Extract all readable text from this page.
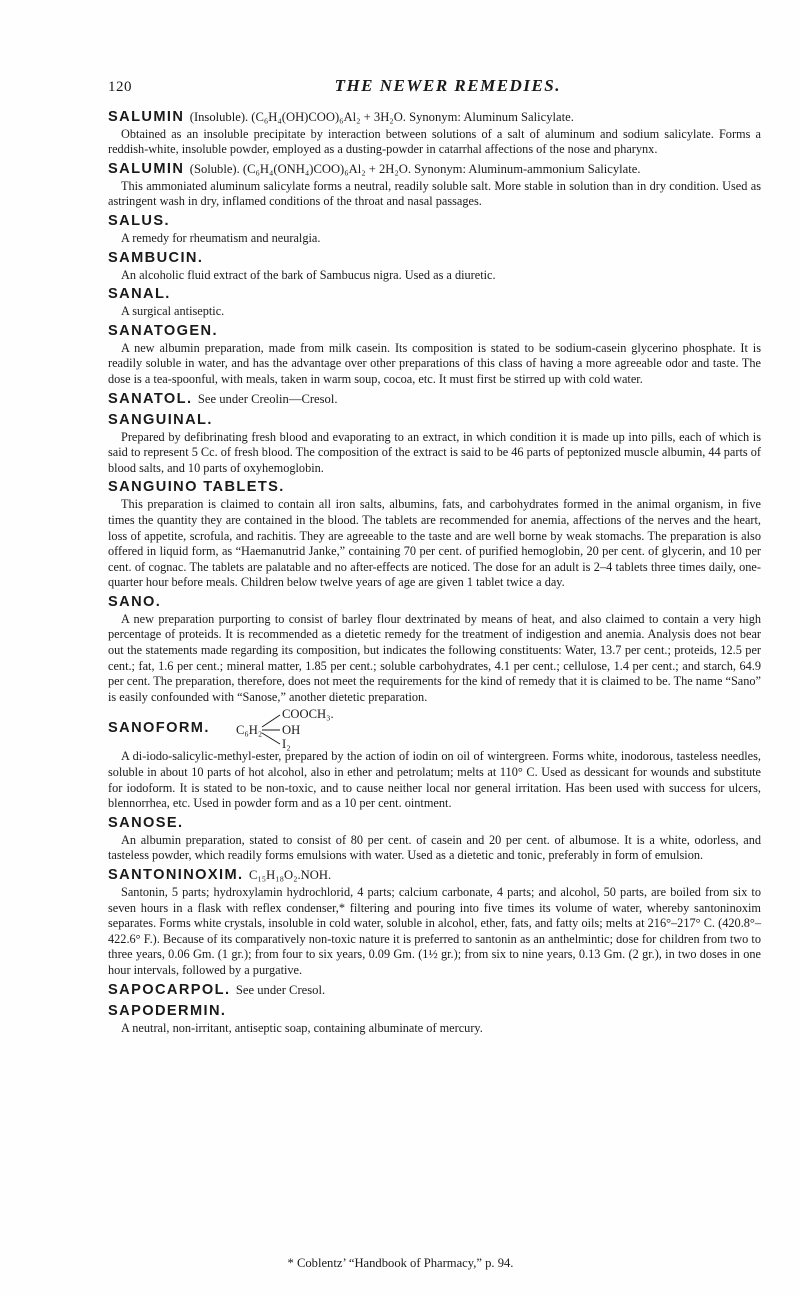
120	THE NEWER REMEDIES.

SALUMIN (Insoluble). (C₆H₄(OH)COO)₆Al₂ + 3H₂O. Synonym: Aluminum Salicylate.

Obtained as an insoluble precipitate by interaction between solutions of a salt of aluminum and sodium salicylate. Forms a reddish-white, insoluble powder, employed as a dusting-powder in catarrhal affections of the nose and pharynx.

SALUMIN (Soluble). (C₆H₄(ONH₄)COO)₆Al₂ + 2H₂O. Synonym: Aluminum-ammonium Salicylate.

This ammoniated aluminum salicylate forms a neutral, readily soluble salt. More stable in solution than in dry condition. Used as astringent wash in dry, inflamed conditions of the throat and nasal passages.

SALUS.

A remedy for rheumatism and neuralgia.

SAMBUCIN.

An alcoholic fluid extract of the bark of Sambucus nigra. Used as a diuretic.

SANAL.

A surgical antiseptic.

SANATOGEN.

A new albumin preparation, made from milk casein. Its composition is stated to be sodium-casein glycerino phosphate. It is readily soluble in water, and has the advantage over other preparations of this class of having a more agreeable odor and taste. The dose is a tea-spoonful, with meals, taken in warm soup, cocoa, etc. It must first be stirred up with cold water.

SANATOL. See under Creolin—Cresol.

SANGUINAL.

Prepared by defibrinating fresh blood and evaporating to an extract, in which condition it is made up into pills, each of which is said to represent 5 Cc. of fresh blood. The composition of the extract is said to be 46 parts of peptonized muscle albumin, 44 parts of blood salts, and 10 parts of oxyhemoglobin.

SANGUINO TABLETS.

This preparation is claimed to contain all iron salts, albumins, fats, and carbohydrates formed in the animal organism, in five times the quantity they are contained in the blood. The tablets are recommended for anemia, affections of the nerves and the heart, loss of appetite, scrofula, and rachitis. They are agreeable to the taste and are well borne by weak stomachs. The preparation is also offered in liquid form, as “Haemanutrid Janke,” containing 70 per cent. of purified hemoglobin, 20 per cent. of glycerin, and 10 per cent. of cognac. The tablets are palatable and no after-effects are noticed. The dose for an adult is 2–4 tablets three times daily, one-quarter hour before meals. Children below twelve years of age are given 1 tablet twice a day.

SANO.

A new preparation purporting to consist of barley flour dextrinated by means of heat, and also claimed to contain a very high percentage of proteids. It is recommended as a dietetic remedy for the treatment of indigestion and anemia. Analysis does not bear out the statements made regarding its composition, but indicates the following constituents: Water, 13.7 per cent.; proteids, 12.5 per cent.; fat, 1.6 per cent.; mineral matter, 1.85 per cent.; soluble carbohydrates, 4.1 per cent.; cellulose, 1.4 per cent.; and starch, 64.9 per cent. The preparation, therefore, does not meet the requirements for the kind of remedy that it is claimed to be. The name “Sano” is easily confounded with “Sanose,” another dietetic preparation.

SANOFORM. C₆H₂
COOCH₃.
OH
I₂

A di-iodo-salicylic-methyl-ester, prepared by the action of iodin on oil of wintergreen. Forms white, inodorous, tasteless needles, soluble in about 10 parts of hot alcohol, also in ether and petrolatum; melts at 110° C. Used as dessicant for wounds and substitute for iodoform. It is stated to be non-toxic, and to cause neither local nor general irritation. Has been used with success for ulcers, blennorrhea, etc. Used in powder form and as a 10 per cent. ointment.

SANOSE.

An albumin preparation, stated to consist of 80 per cent. of casein and 20 per cent. of albumose. It is a white, odorless, and tasteless powder, which readily forms emulsions with water. Used as a dietetic and tonic, preferably in form of emulsion.

SANTONINOXIM. C₁₅H₁₈O₂.NOH.

Santonin, 5 parts; hydroxylamin hydrochlorid, 4 parts; calcium carbonate, 4 parts; and alcohol, 50 parts, are boiled from six to seven hours in a flask with reflex condenser,* filtering and pouring into five times its volume of water, whereby santoninoxim separates. Forms white crystals, insoluble in cold water, soluble in alcohol, ether, fats, and fatty oils; melts at 216°–217° C. (420.8°–422.6° F.). Because of its comparatively non-toxic nature it is preferred to santonin as an anthelmintic; dose for children from two to three years, 0.06 Gm. (1 gr.); from four to six years, 0.09 Gm. (1½ gr.); from six to nine years, 0.13 Gm. (2 gr.), in two doses in one hour intervals, followed by a purgative.

SAPOCARPOL. See under Cresol.

SAPODERMIN.

A neutral, non-irritant, antiseptic soap, containing albuminate of mercury.

* Coblentz’ “Handbook of Pharmacy,” p. 94.
